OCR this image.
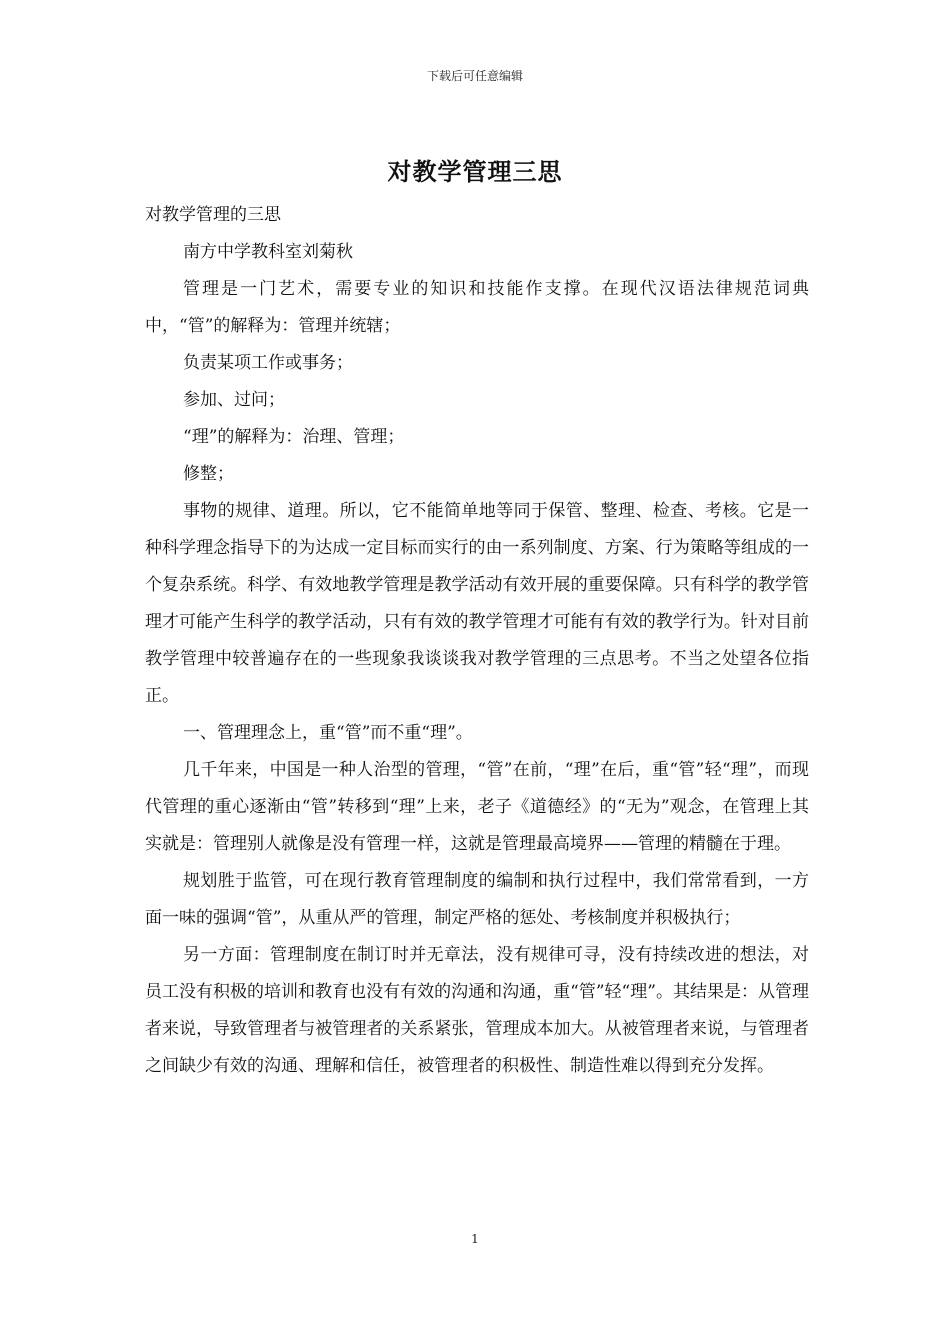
下载后可任意编辑
对教学管理三思

对教学管理的三思

南方中学教科室刘菊秋

管理是一门艺术，需要专业的知识和技能作支撑。在现代汉语法律规范词典中，“管”的解释为：管理并统辖；

负责某项工作或事务；

参加、过问；

“理”的解释为：治理、管理；

修整；

事物的规律、道理。所以，它不能简单地等同于保管、整理、检查、考核。它是一种科学理念指导下的为达成一定目标而实行的由一系列制度、方案、行为策略等组成的一个复杂系统。科学、有效地教学管理是教学活动有效开展的重要保障。只有科学的教学管理才可能产生科学的教学活动，只有有效的教学管理才可能有有效的教学行为。针对目前教学管理中较普遍存在的一些现象我谈谈我对教学管理的三点思考。不当之处望各位指正。

一、管理理念上，重“管”而不重“理”。

几千年来，中国是一种人治型的管理，“管”在前，“理”在后，重“管”轻“理”，而现代管理的重心逐渐由“管”转移到“理”上来，老子《道德经》的“无为”观念，在管理上其实就是：管理别人就像是没有管理一样，这就是管理最高境界——管理的精髓在于理。

规划胜于监管，可在现行教育管理制度的编制和执行过程中，我们常常看到，一方面一味的强调“管”，从重从严的管理，制定严格的惩处、考核制度并积极执行；

另一方面：管理制度在制订时并无章法，没有规律可寻，没有持续改进的想法，对员工没有积极的培训和教育也没有有效的沟通和沟通，重“管”轻“理”。其结果是：从管理者来说，导致管理者与被管理者的关系紧张，管理成本加大。从被管理者来说，与管理者之间缺少有效的沟通、理解和信任，被管理者的积极性、制造性难以得到充分发挥。

1
